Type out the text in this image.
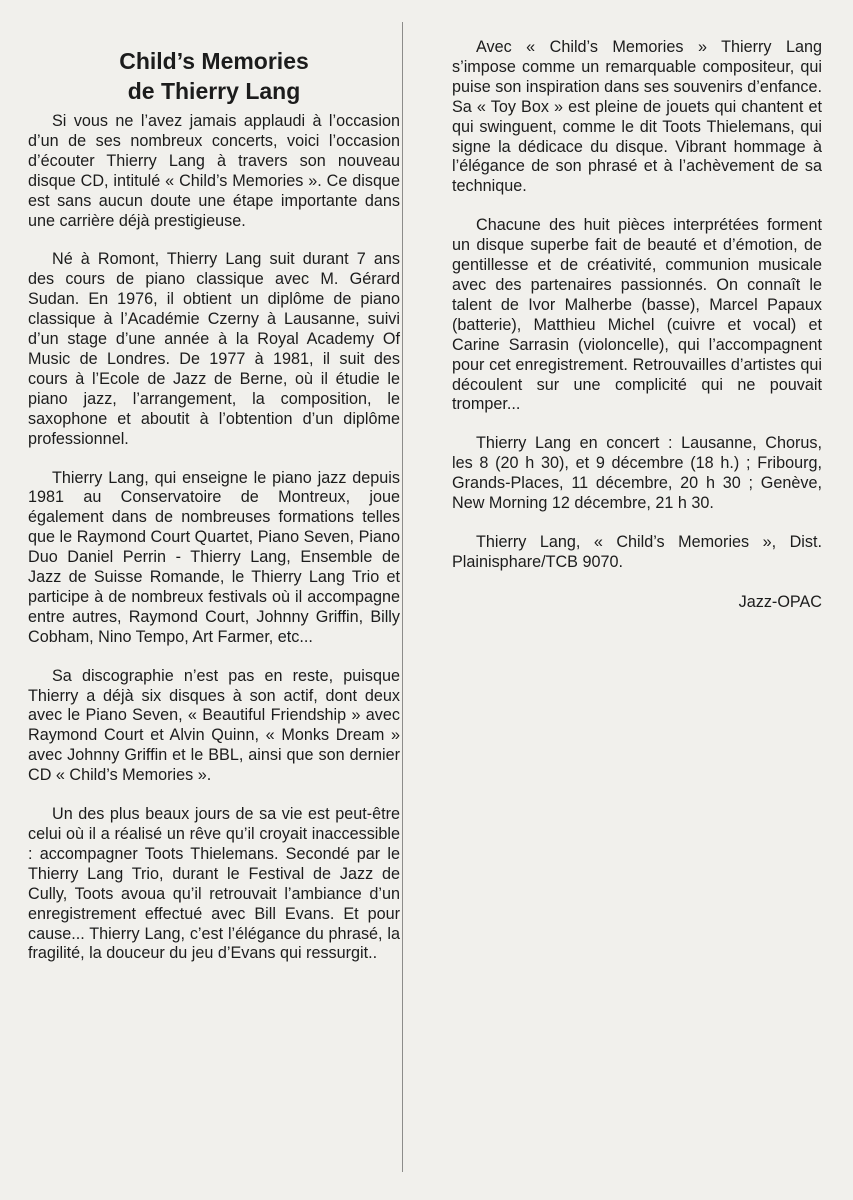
Child’s Memories
de Thierry Lang

Si vous ne l’avez jamais applaudi à l’occasion d’un de ses nombreux concerts, voici l’occasion d’écouter Thierry Lang à travers son nouveau disque CD, intitulé « Child’s Memories ». Ce disque est sans aucun doute une étape importante dans une carrière déjà prestigieuse.

Né à Romont, Thierry Lang suit durant 7 ans des cours de piano classique avec M. Gérard Sudan. En 1976, il obtient un diplôme de piano classique à l’Académie Czerny à Lausanne, suivi d’un stage d’une année à la Royal Academy Of Music de Londres. De 1977 à 1981, il suit des cours à l’Ecole de Jazz de Berne, où il étudie le piano jazz, l’arrangement, la composition, le saxophone et aboutit à l’obtention d’un diplôme professionnel.

Thierry Lang, qui enseigne le piano jazz depuis 1981 au Conservatoire de Montreux, joue également dans de nombreuses formations telles que le Raymond Court Quartet, Piano Seven, Piano Duo Daniel Perrin - Thierry Lang, Ensemble de Jazz de Suisse Romande, le Thierry Lang Trio et participe à de nombreux festivals où il accompagne entre autres, Raymond Court, Johnny Griffin, Billy Cobham, Nino Tempo, Art Farmer, etc...

Sa discographie n’est pas en reste, puisque Thierry a déjà six disques à son actif, dont deux avec le Piano Seven, « Beautiful Friendship » avec Raymond Court et Alvin Quinn, « Monks Dream » avec Johnny Griffin et le BBL, ainsi que son dernier CD « Child’s Memories ».

Un des plus beaux jours de sa vie est peut-être celui où il a réalisé un rêve qu’il croyait inaccessible : accompagner Toots Thielemans. Secondé par le Thierry Lang Trio, durant le Festival de Jazz de Cully, Toots avoua qu’il retrouvait l’ambiance d’un enregistrement effectué avec Bill Evans. Et pour cause... Thierry Lang, c’est l’élégance du phrasé, la fragilité, la douceur du jeu d’Evans qui ressurgit..

Avec « Child’s Memories » Thierry Lang s’impose comme un remarquable compositeur, qui puise son inspiration dans ses souvenirs d’enfance. Sa « Toy Box » est pleine de jouets qui chantent et qui swinguent, comme le dit Toots Thielemans, qui signe la dédicace du disque. Vibrant hommage à l’élégance de son phrasé et à l’achèvement de sa technique.

Chacune des huit pièces interprétées forment un disque superbe fait de beauté et d’émotion, de gentillesse et de créativité, communion musicale avec des partenaires passionnés. On connaît le talent de Ivor Malherbe (basse), Marcel Papaux (batterie), Matthieu Michel (cuivre et vocal) et Carine Sarrasin (violoncelle), qui l’accompagnent pour cet enregistrement. Retrouvailles d’artistes qui découlent sur une complicité qui ne pouvait tromper...

Thierry Lang en concert : Lausanne, Chorus, les 8 (20 h 30), et 9 décembre (18 h.) ; Fribourg, Grands-Places, 11 décembre, 20 h 30 ; Genève, New Morning 12 décembre, 21 h 30.

Thierry Lang, « Child’s Memories », Dist. Plainisphare/TCB 9070.

Jazz-OPAC
